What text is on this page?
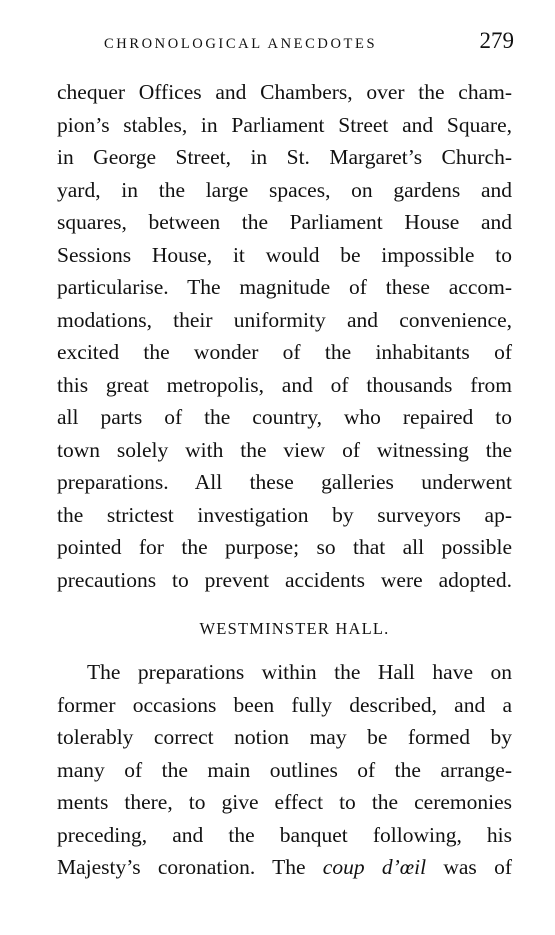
CHRONOLOGICAL ANECDOTES	279
chequer Offices and Chambers, over the cham-
pion’s stables, in Parliament Street and Square,
in George Street, in St. Margaret’s Church-
yard, in the large spaces, on gardens and
squares, between the Parliament House and
Sessions House, it would be impossible to
particularise. The magnitude of these accom-
modations, their uniformity and convenience,
excited the wonder of the inhabitants of
this great metropolis, and of thousands from
all parts of the country, who repaired to
town solely with the view of witnessing the
preparations. All these galleries underwent
the strictest investigation by surveyors ap-
pointed for the purpose; so that all possible
precautions to prevent accidents were adopted.
WESTMINSTER HALL.
The preparations within the Hall have on
former occasions been fully described, and a
tolerably correct notion may be formed by
many of the main outlines of the arrange-
ments there, to give effect to the ceremonies
preceding, and the banquet following, his
Majesty’s coronation. The coup d’œil was of
